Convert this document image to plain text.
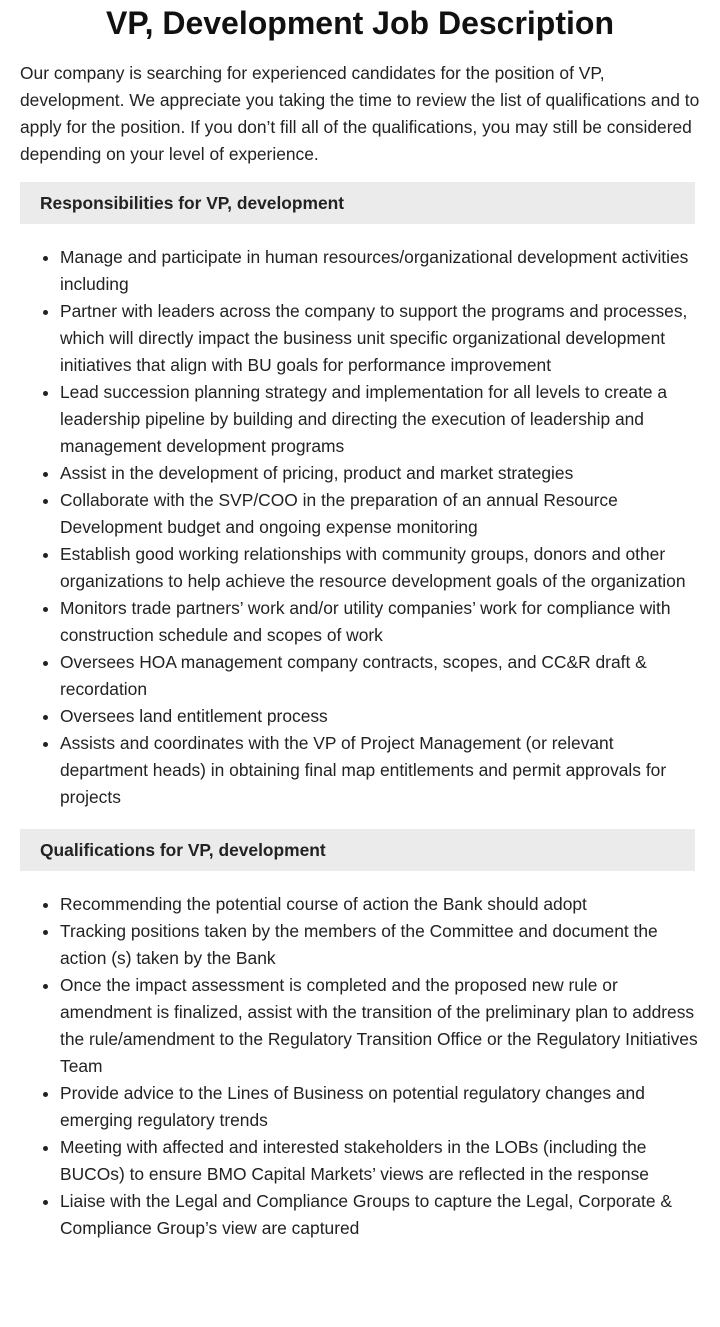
VP, Development Job Description

Our company is searching for experienced candidates for the position of VP, development. We appreciate you taking the time to review the list of qualifications and to apply for the position. If you don’t fill all of the qualifications, you may still be considered depending on your level of experience.

Responsibilities for VP, development
• Manage and participate in human resources/organizational development activities including
• Partner with leaders across the company to support the programs and processes, which will directly impact the business unit specific organizational development initiatives that align with BU goals for performance improvement
• Lead succession planning strategy and implementation for all levels to create a leadership pipeline by building and directing the execution of leadership and management development programs
• Assist in the development of pricing, product and market strategies
• Collaborate with the SVP/COO in the preparation of an annual Resource Development budget and ongoing expense monitoring
• Establish good working relationships with community groups, donors and other organizations to help achieve the resource development goals of the organization
• Monitors trade partners’ work and/or utility companies’ work for compliance with construction schedule and scopes of work
• Oversees HOA management company contracts, scopes, and CC&R draft & recordation
• Oversees land entitlement process
• Assists and coordinates with the VP of Project Management (or relevant department heads) in obtaining final map entitlements and permit approvals for projects
Qualifications for VP, development
• Recommending the potential course of action the Bank should adopt
• Tracking positions taken by the members of the Committee and document the action (s) taken by the Bank
• Once the impact assessment is completed and the proposed new rule or amendment is finalized, assist with the transition of the preliminary plan to address the rule/amendment to the Regulatory Transition Office or the Regulatory Initiatives Team
• Provide advice to the Lines of Business on potential regulatory changes and emerging regulatory trends
• Meeting with affected and interested stakeholders in the LOBs (including the BUCOs) to ensure BMO Capital Markets’ views are reflected in the response
• Liaise with the Legal and Compliance Groups to capture the Legal, Corporate & Compliance Group’s view are captured
